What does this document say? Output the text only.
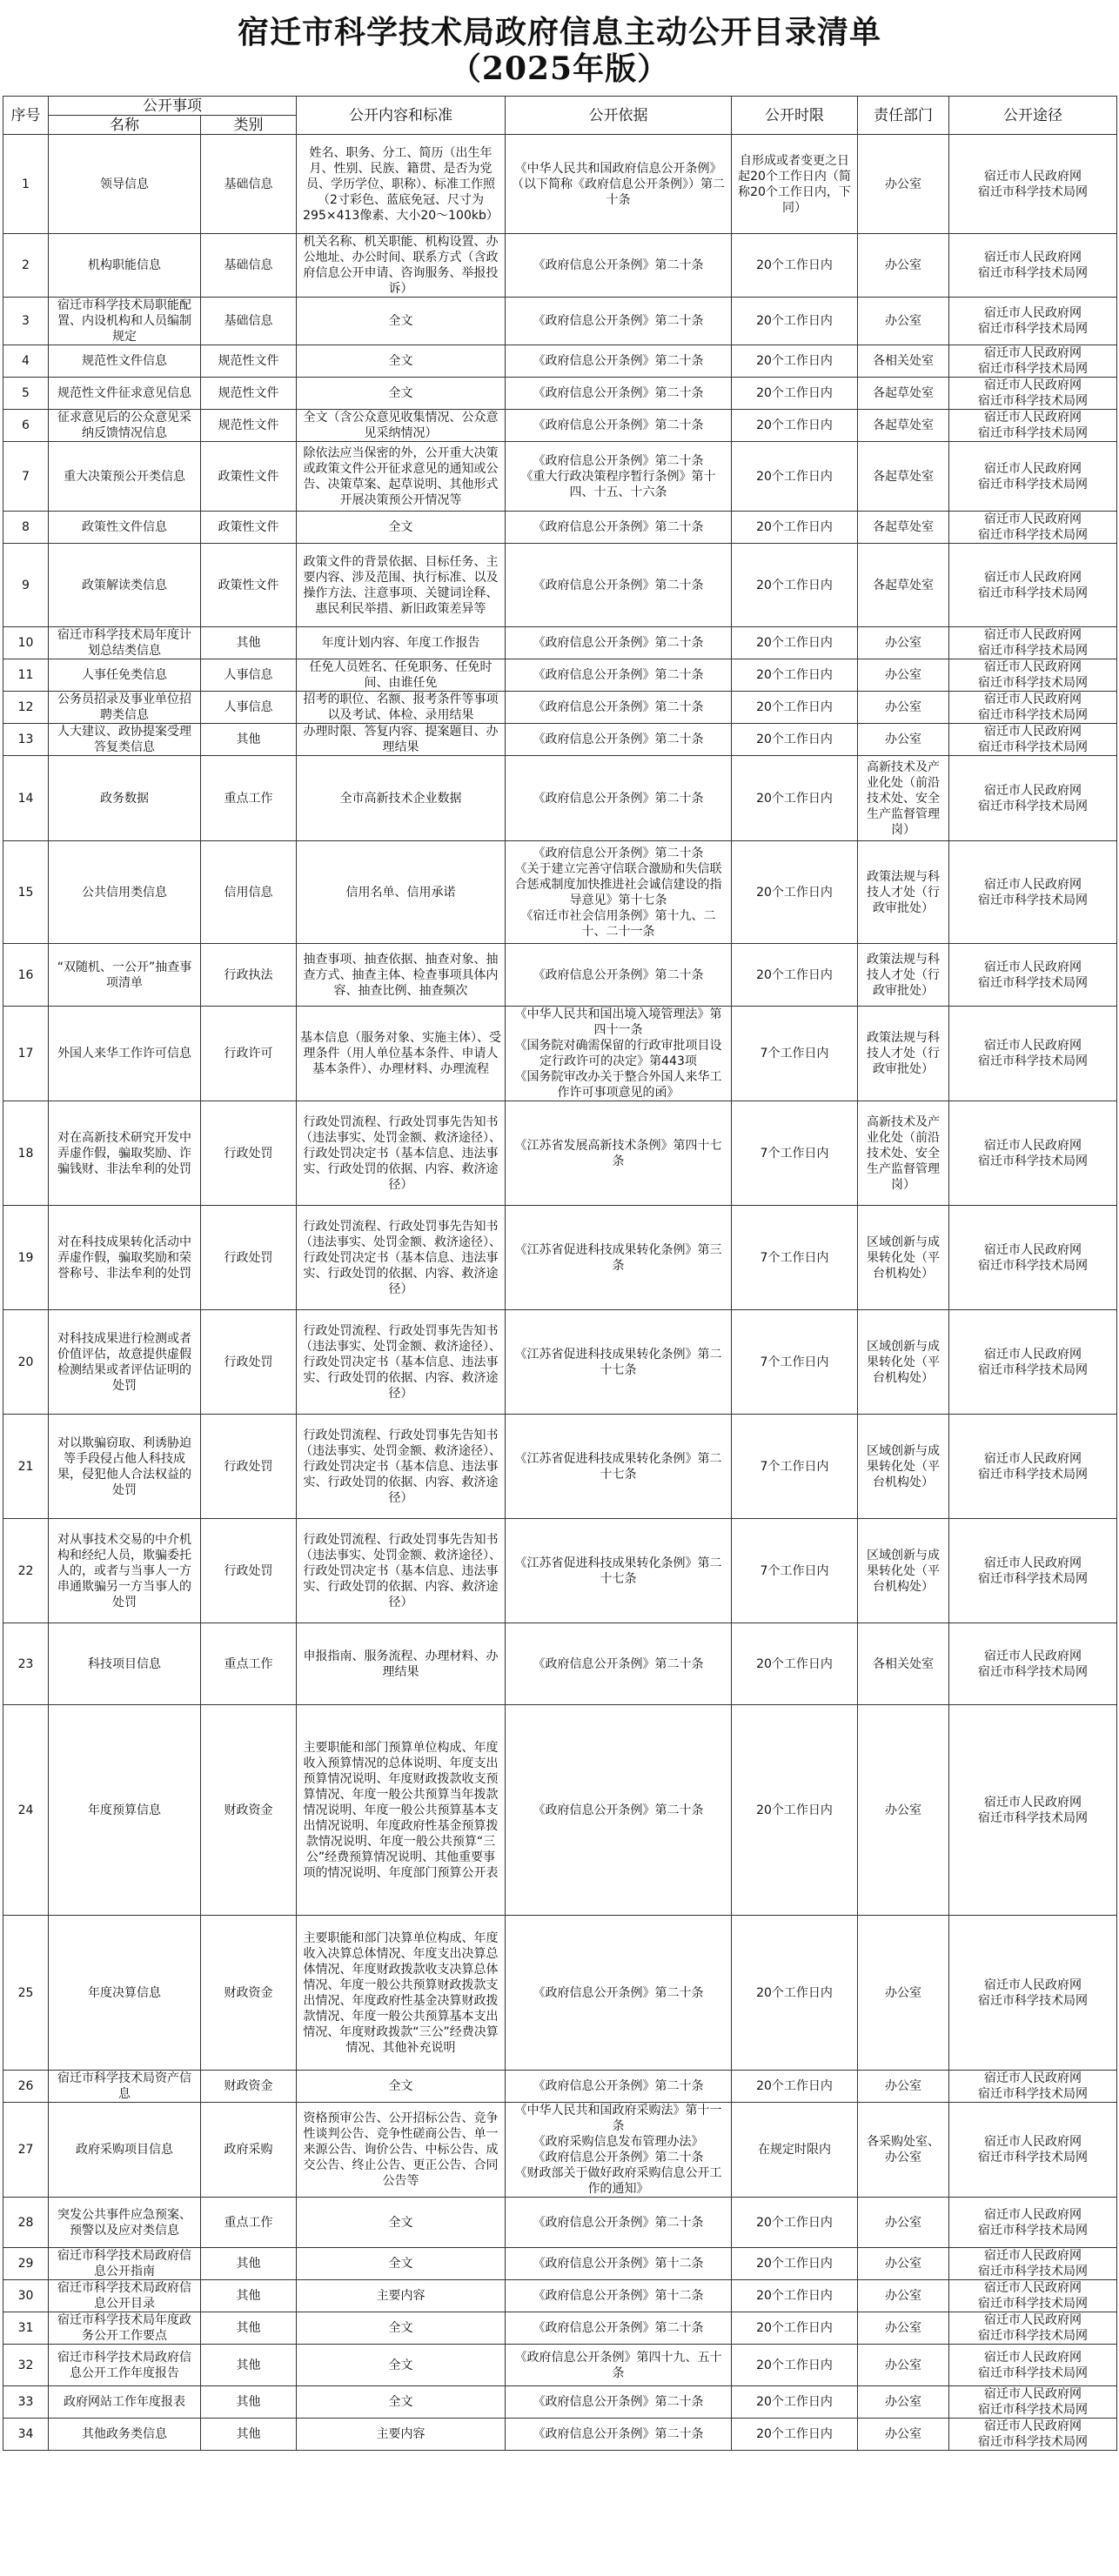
宿迁市科学技术局政府信息主动公开目录清单
（2025年版）
序号	公开事项		公开内容和标准	公开依据	公开时限	责任部门	公开途径
	名称	类别					
1	领导信息	基础信息	姓名、职务、分工、简历（出生年月、性别、民族、籍贯、是否为党员、学历学位、职称）、标准工作照（2寸彩色、蓝底免冠、尺寸为295×413像素、大小20～100kb）	《中华人民共和国政府信息公开条例》（以下简称《政府信息公开条例》）第二十条	自形成或者变更之日起20个工作日内（简称20个工作日内，下同）	办公室	宿迁市人民政府网
宿迁市科学技术局网
2	机构职能信息	基础信息	机关名称、机关职能、机构设置、办公地址、办公时间、联系方式（含政府信息公开申请、咨询服务、举报投诉）	《政府信息公开条例》第二十条	20个工作日内	办公室	宿迁市人民政府网
宿迁市科学技术局网
3	宿迁市科学技术局职能配置、内设机构和人员编制规定	基础信息	全文	《政府信息公开条例》第二十条	20个工作日内	办公室	宿迁市人民政府网
宿迁市科学技术局网
4	规范性文件信息	规范性文件	全文	《政府信息公开条例》第二十条	20个工作日内	各相关处室	宿迁市人民政府网
宿迁市科学技术局网
5	规范性文件征求意见信息	规范性文件	全文	《政府信息公开条例》第二十条	20个工作日内	各起草处室	宿迁市人民政府网
宿迁市科学技术局网
6	征求意见后的公众意见采纳反馈情况信息	规范性文件	全文（含公众意见收集情况、公众意见采纳情况）	《政府信息公开条例》第二十条	20个工作日内	各起草处室	宿迁市人民政府网
宿迁市科学技术局网
7	重大决策预公开类信息	政策性文件	除依法应当保密的外，公开重大决策或政策文件公开征求意见的通知或公告、决策草案、起草说明、其他形式开展决策预公开情况等	《政府信息公开条例》第二十条
《重大行政决策程序暂行条例》第十四、十五、十六条	20个工作日内	各起草处室	宿迁市人民政府网
宿迁市科学技术局网
8	政策性文件信息	政策性文件	全文	《政府信息公开条例》第二十条	20个工作日内	各起草处室	宿迁市人民政府网
宿迁市科学技术局网
9	政策解读类信息	政策性文件	政策文件的背景依据、目标任务、主要内容、涉及范围、执行标准、以及操作方法、注意事项、关键词诠释、惠民利民举措、新旧政策差异等	《政府信息公开条例》第二十条	20个工作日内	各起草处室	宿迁市人民政府网
宿迁市科学技术局网
10	宿迁市科学技术局年度计划总结类信息	其他	年度计划内容、年度工作报告	《政府信息公开条例》第二十条	20个工作日内	办公室	宿迁市人民政府网
宿迁市科学技术局网
11	人事任免类信息	人事信息	任免人员姓名、任免职务、任免时间、由谁任免	《政府信息公开条例》第二十条	20个工作日内	办公室	宿迁市人民政府网
宿迁市科学技术局网
12	公务员招录及事业单位招聘类信息	人事信息	招考的职位、名额、报考条件等事项以及考试、体检、录用结果	《政府信息公开条例》第二十条	20个工作日内	办公室	宿迁市人民政府网
宿迁市科学技术局网
13	人大建议、政协提案受理答复类信息	其他	办理时限、答复内容、提案题目、办理结果	《政府信息公开条例》第二十条	20个工作日内	办公室	宿迁市人民政府网
宿迁市科学技术局网
14	政务数据	重点工作	全市高新技术企业数据	《政府信息公开条例》第二十条	20个工作日内	高新技术及产业化处（前沿技术处、安全生产监督管理岗）	宿迁市人民政府网
宿迁市科学技术局网
15	公共信用类信息	信用信息	信用名单、信用承诺	《政府信息公开条例》第二十条
《关于建立完善守信联合激励和失信联合惩戒制度加快推进社会诚信建设的指导意见》第十七条
《宿迁市社会信用条例》第十九、二十、二十一条	20个工作日内	政策法规与科技人才处（行政审批处）	宿迁市人民政府网
宿迁市科学技术局网
16	“双随机、一公开”抽查事项清单	行政执法	抽查事项、抽查依据、抽查对象、抽查方式、抽查主体、检查事项具体内容、抽查比例、抽查频次	《政府信息公开条例》第二十条	20个工作日内	政策法规与科技人才处（行政审批处）	宿迁市人民政府网
宿迁市科学技术局网
17	外国人来华工作许可信息	行政许可	基本信息（服务对象、实施主体）、受理条件（用人单位基本条件、申请人基本条件）、办理材料、办理流程	《中华人民共和国出境入境管理法》第四十一条
《国务院对确需保留的行政审批项目设定行政许可的决定》第443项
《国务院审改办关于整合外国人来华工作许可事项意见的函》	7个工作日内	政策法规与科技人才处（行政审批处）	宿迁市人民政府网
宿迁市科学技术局网
18	对在高新技术研究开发中弄虚作假，骗取奖励、诈骗钱财、非法牟利的处罚	行政处罚	行政处罚流程、行政处罚事先告知书（违法事实、处罚金额、救济途径）、行政处罚决定书（基本信息、违法事实、行政处罚的依据、内容、救济途径）	《江苏省发展高新技术条例》第四十七条	7个工作日内	高新技术及产业化处（前沿技术处、安全生产监督管理岗）	宿迁市人民政府网
宿迁市科学技术局网
19	对在科技成果转化活动中弄虚作假，骗取奖励和荣誉称号、非法牟利的处罚	行政处罚	行政处罚流程、行政处罚事先告知书（违法事实、处罚金额、救济途径）、行政处罚决定书（基本信息、违法事实、行政处罚的依据、内容、救济途径）	《江苏省促进科技成果转化条例》第三条	7个工作日内	区域创新与成果转化处（平台机构处）	宿迁市人民政府网
宿迁市科学技术局网
20	对科技成果进行检测或者价值评估，故意提供虚假检测结果或者评估证明的处罚	行政处罚	行政处罚流程、行政处罚事先告知书（违法事实、处罚金额、救济途径）、行政处罚决定书（基本信息、违法事实、行政处罚的依据、内容、救济途径）	《江苏省促进科技成果转化条例》第二十七条	7个工作日内	区域创新与成果转化处（平台机构处）	宿迁市人民政府网
宿迁市科学技术局网
21	对以欺骗窃取、利诱胁迫等手段侵占他人科技成果，侵犯他人合法权益的处罚	行政处罚	行政处罚流程、行政处罚事先告知书（违法事实、处罚金额、救济途径）、行政处罚决定书（基本信息、违法事实、行政处罚的依据、内容、救济途径）	《江苏省促进科技成果转化条例》第二十七条	7个工作日内	区域创新与成果转化处（平台机构处）	宿迁市人民政府网
宿迁市科学技术局网
22	对从事技术交易的中介机构和经纪人员，欺骗委托人的，或者与当事人一方串通欺骗另一方当事人的处罚	行政处罚	行政处罚流程、行政处罚事先告知书（违法事实、处罚金额、救济途径）、行政处罚决定书（基本信息、违法事实、行政处罚的依据、内容、救济途径）	《江苏省促进科技成果转化条例》第二十七条	7个工作日内	区域创新与成果转化处（平台机构处）	宿迁市人民政府网
宿迁市科学技术局网
23	科技项目信息	重点工作	申报指南、服务流程、办理材料、办理结果	《政府信息公开条例》第二十条	20个工作日内	各相关处室	宿迁市人民政府网
宿迁市科学技术局网
24	年度预算信息	财政资金	主要职能和部门预算单位构成、年度收入预算情况的总体说明、年度支出预算情况说明、年度财政拨款收支预算情况、年度一般公共预算当年拨款情况说明、年度一般公共预算基本支出情况说明、年度政府性基金预算拨款情况说明、年度一般公共预算“三公”经费预算情况说明、其他重要事项的情况说明、年度部门预算公开表	《政府信息公开条例》第二十条	20个工作日内	办公室	宿迁市人民政府网
宿迁市科学技术局网
25	年度决算信息	财政资金	主要职能和部门决算单位构成、年度收入决算总体情况、年度支出决算总体情况、年度财政拨款收支决算总体情况、年度一般公共预算财政拨款支出情况、年度政府性基金决算财政拨款情况、年度一般公共预算基本支出情况、年度财政拨款“三公”经费决算情况、其他补充说明	《政府信息公开条例》第二十条	20个工作日内	办公室	宿迁市人民政府网
宿迁市科学技术局网
26	宿迁市科学技术局资产信息	财政资金	全文	《政府信息公开条例》第二十条	20个工作日内	办公室	宿迁市人民政府网
宿迁市科学技术局网
27	政府采购项目信息	政府采购	资格预审公告、公开招标公告、竞争性谈判公告、竞争性磋商公告、单一来源公告、询价公告、中标公告、成交公告、终止公告、更正公告、合同公告等	《中华人民共和国政府采购法》第十一条
《政府采购信息发布管理办法》
《政府信息公开条例》第二十条
《财政部关于做好政府采购信息公开工作的通知》	在规定时限内	各采购处室、办公室	宿迁市人民政府网
宿迁市科学技术局网
28	突发公共事件应急预案、预警以及应对类信息	重点工作	全文	《政府信息公开条例》第二十条	20个工作日内	办公室	宿迁市人民政府网
宿迁市科学技术局网
29	宿迁市科学技术局政府信息公开指南	其他	全文	《政府信息公开条例》第十二条	20个工作日内	办公室	宿迁市人民政府网
宿迁市科学技术局网
30	宿迁市科学技术局政府信息公开目录	其他	主要内容	《政府信息公开条例》第十二条	20个工作日内	办公室	宿迁市人民政府网
宿迁市科学技术局网
31	宿迁市科学技术局年度政务公开工作要点	其他	全文	《政府信息公开条例》第二十条	20个工作日内	办公室	宿迁市人民政府网
宿迁市科学技术局网
32	宿迁市科学技术局政府信息公开工作年度报告	其他	全文	《政府信息公开条例》第四十九、五十条	20个工作日内	办公室	宿迁市人民政府网
宿迁市科学技术局网
33	政府网站工作年度报表	其他	全文	《政府信息公开条例》第二十条	20个工作日内	办公室	宿迁市人民政府网
宿迁市科学技术局网
34	其他政务类信息	其他	主要内容	《政府信息公开条例》第二十条	20个工作日内	办公室	宿迁市人民政府网
宿迁市科学技术局网
